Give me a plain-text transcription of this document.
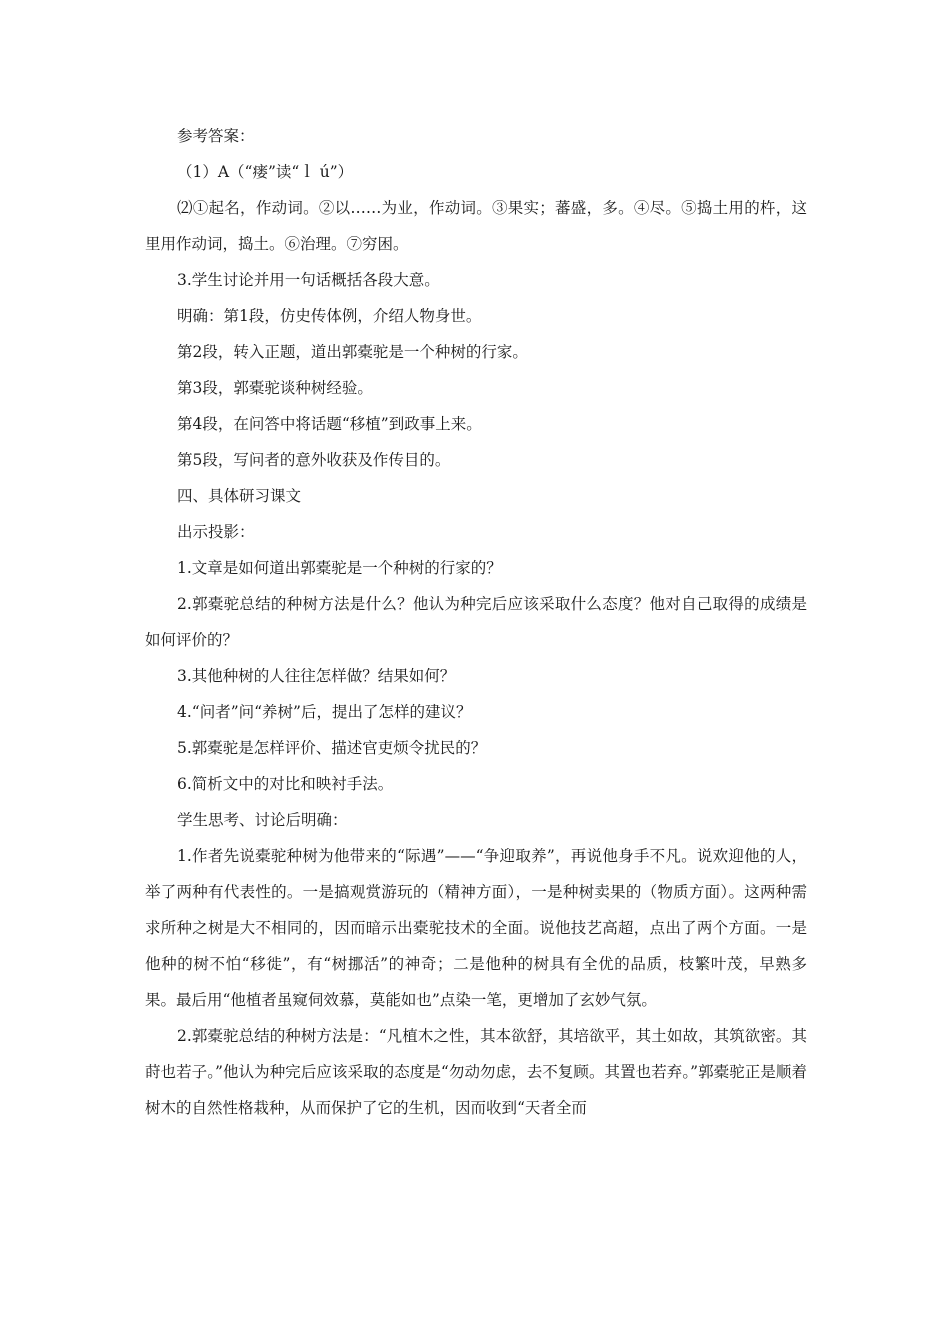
参考答案：

（1）A（“瘘”读“ｌ ú”）

⑵①起名，作动词。②以……为业，作动词。③果实；蕃盛，多。④尽。⑤捣土用的杵，这里用作动词，捣土。⑥治理。⑦穷困。

3.学生讨论并用一句话概括各段大意。

明确：第1段，仿史传体例，介绍人物身世。

第2段，转入正题，道出郭橐驼是一个种树的行家。

第3段，郭橐驼谈种树经验。

第4段，在问答中将话题“移植”到政事上来。

第5段，写问者的意外收获及作传目的。

四、具体研习课文

出示投影：

1.文章是如何道出郭橐驼是一个种树的行家的？

2.郭橐驼总结的种树方法是什么？他认为种完后应该采取什么态度？他对自己取得的成绩是如何评价的？

3.其他种树的人往往怎样做？结果如何？

4.“问者”问“养树”后，提出了怎样的建议？

5.郭橐驼是怎样评价、描述官吏烦令扰民的？

6.简析文中的对比和映衬手法。

学生思考、讨论后明确：

1.作者先说橐驼种树为他带来的“际遇”——“争迎取养”，再说他身手不凡。说欢迎他的人，举了两种有代表性的。一是搞观赏游玩的（精神方面），一是种树卖果的（物质方面）。这两种需求所种之树是大不相同的，因而暗示出橐驼技术的全面。说他技艺高超，点出了两个方面。一是他种的树不怕“移徙”，有“树挪活”的神奇；二是他种的树具有全优的品质，枝繁叶茂，早熟多果。最后用“他植者虽窥伺效慕，莫能如也”点染一笔，更增加了玄妙气氛。

2.郭橐驼总结的种树方法是：“凡植木之性，其本欲舒，其培欲平，其土如故，其筑欲密。其莳也若子。”他认为种完后应该采取的态度是“勿动勿虑，去不复顾。其置也若弃。”郭橐驼正是顺着树木的自然性格栽种，从而保护了它的生机，因而收到“天者全而
